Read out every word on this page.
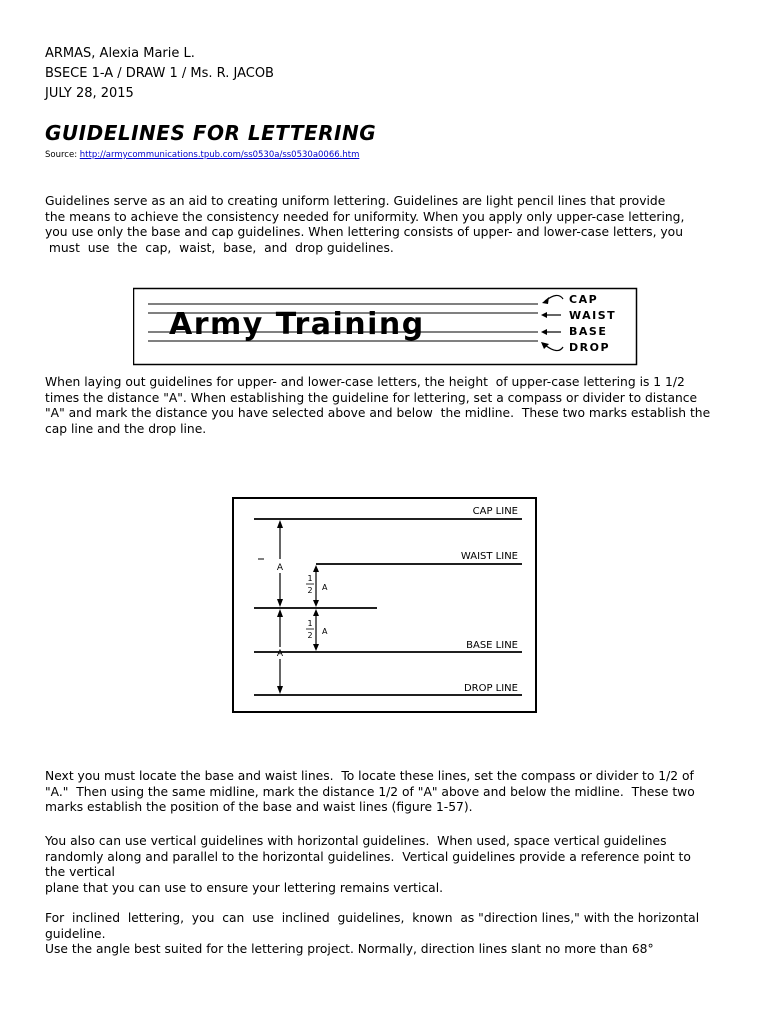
ARMAS, Alexia Marie L.

BSECE 1-A / DRAW 1 / Ms. R. JACOB

JULY 28, 2015

GUIDELINES FOR LETTERING
Source: http://armycommunications.tpub.com/ss0530a/ss0530a0066.htm
Guidelines serve as an aid to creating uniform lettering. Guidelines are light pencil lines that provide
the means to achieve the consistency needed for uniformity. When you apply only upper-case lettering,
you use only the base and cap guidelines. When lettering consists of upper- and lower-case letters, you
must  use  the  cap,  waist,  base,  and  drop guidelines.
Army Training
CAP
WAIST
BASE
DROP
When laying out guidelines for upper- and lower-case letters, the height  of upper-case lettering is 1 1/2
times the distance "A". When establishing the guideline for lettering, set a compass or divider to distance
"A" and mark the distance you have selected above and below  the midline.  These two marks establish the
cap line and the drop line.
CAP LINE
WAIST LINE
BASE LINE
DROP LINE
A
A
1
2 A
1
2 A
Next you must locate the base and waist lines.  To locate these lines, set the compass or divider to 1/2 of
"A."  Then using the same midline, mark the distance 1/2 of "A" above and below the midline.  These two
marks establish the position of the base and waist lines (figure 1-57).
You also can use vertical guidelines with horizontal guidelines.  When used, space vertical guidelines
randomly along and parallel to the horizontal guidelines.  Vertical guidelines provide a reference point to
the vertical
plane that you can use to ensure your lettering remains vertical.
For  inclined  lettering,  you  can  use  inclined  guidelines,  known  as "direction lines," with the horizontal
guideline.
Use the angle best suited for the lettering project. Normally, direction lines slant no more than 68°
